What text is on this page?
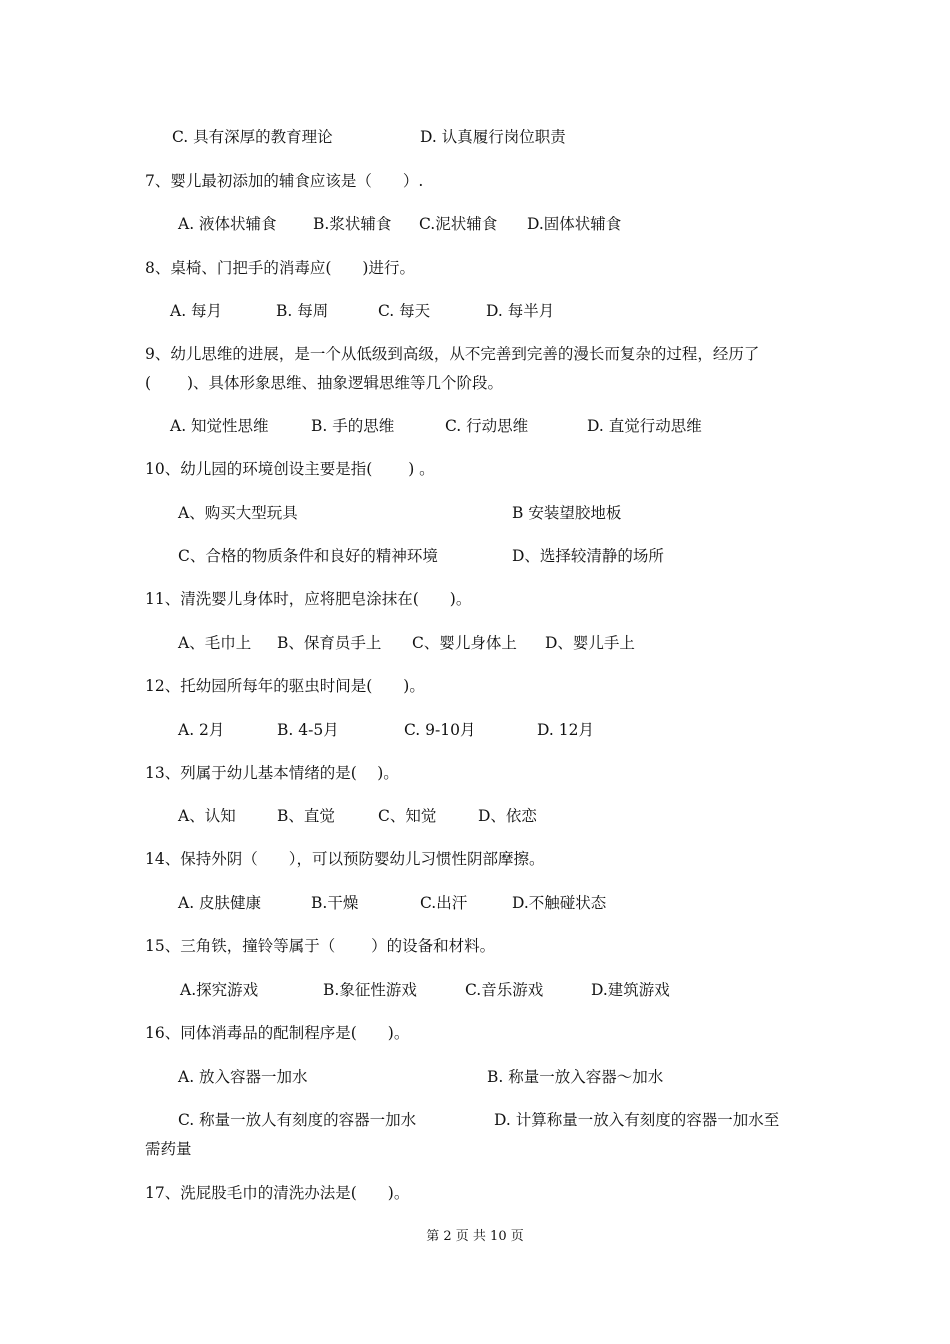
C. 具有深厚的教育理论	D. 认真履行岗位职责
7、婴儿最初添加的辅食应该是（　　）.
A. 液体状辅食 B.浆状辅食 C.泥状辅食 D.固体状辅食
8、桌椅、门把手的消毒应(　　)进行。
A. 每月	B. 每周	C. 每天	D. 每半月
9、幼儿思维的进展，是一个从低级到高级，从不完善到完善的漫长而复杂的过程，经历了
(　　 )、具体形象思维、抽象逻辑思维等几个阶段。
A. 知觉性思维	B. 手的思维	C. 行动思维	D. 直觉行动思维
10、幼儿园的环境创设主要是指(　　 ) 。
A、购买大型玩具	B 安装望胶地板
C、合格的物质条件和良好的精神环境	D、选择较清静的场所
11、清洗婴儿身体时，应将肥皂涂抹在(　　)。
A、毛巾上 B、保育员手上 C、婴儿身体上 D、婴儿手上
12、托幼园所每年的驱虫时间是(　　)。
A. 2月	B. 4-5月	C. 9-10月	D. 12月
13、列属于幼儿基本情绪的是(　 )。
A、认知	B、直觉	C、知觉	D、依恋
14、保持外阴（　　），可以预防婴幼儿习惯性阴部摩擦。
A. 皮肤健康	B.干燥	C.出汗	D.不触碰状态
15、三角铁，撞铃等属于（　　 ）的设备和材料。
A.探究游戏	B.象征性游戏	C.音乐游戏	D.建筑游戏
16、同体消毒品的配制程序是(　　)。
A. 放入容器一加水	B. 称量一放入容器～加水
C. 称量一放人有刻度的容器一加水	D. 计算称量一放入有刻度的容器一加水至
需药量
17、洗屁股毛巾的清洗办法是(　　)。
第 2 页 共 10 页
